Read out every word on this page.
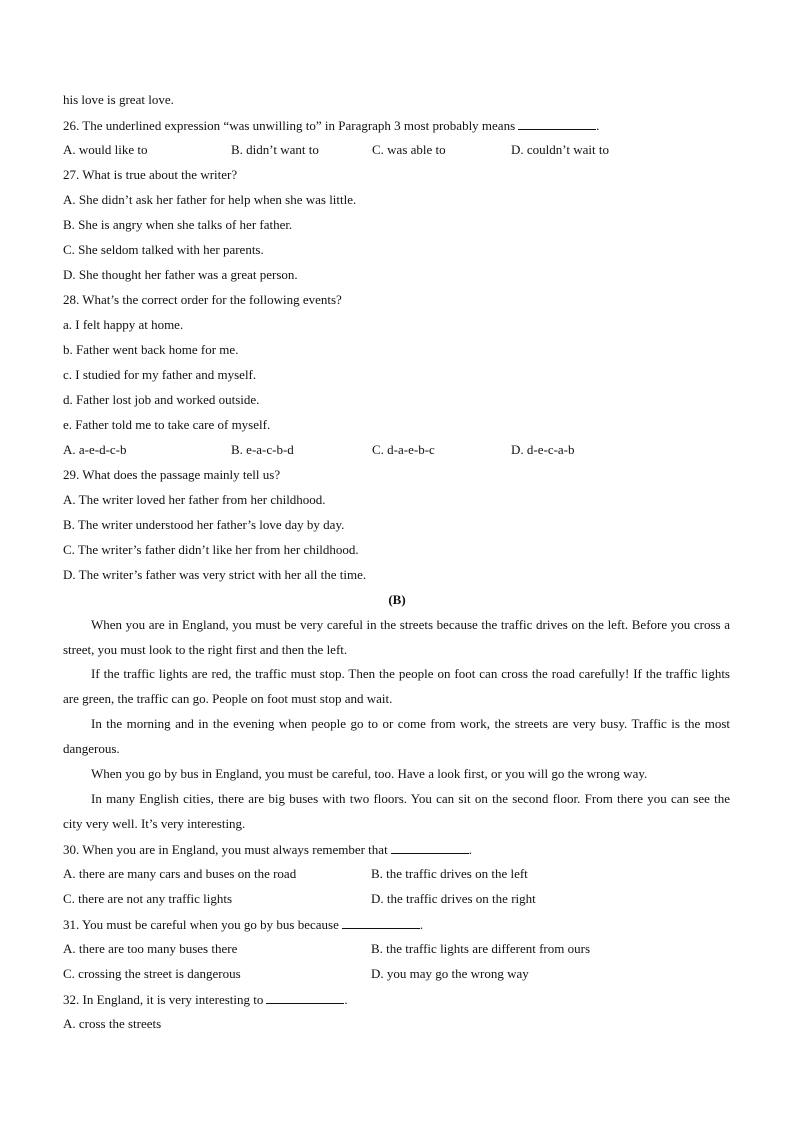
his love is great love.
26. The underlined expression “was unwilling to” in Paragraph 3 most probably means	.
A. would like to	B. didn’t want to	C. was able to	D. couldn’t wait to
27. What is true about the writer?
A. She didn’t ask her father for help when she was little.
B. She is angry when she talks of her father.
C. She seldom talked with her parents.
D. She thought her father was a great person.
28. What’s the correct order for the following events?
a. I felt happy at home.
b. Father went back home for me.
c. I studied for my father and myself.
d. Father lost job and worked outside.
e. Father told me to take care of myself.
A. a-e-d-c-b	B. e-a-c-b-d	C. d-a-e-b-c	D. d-e-c-a-b
29. What does the passage mainly tell us?
A. The writer loved her father from her childhood.
B. The writer understood her father’s love day by day.
C. The writer’s father didn’t like her from her childhood.
D. The writer’s father was very strict with her all the time.
(B)
When you are in England, you must be very careful in the streets because the traffic drives on the left. Before you cross a street, you must look to the right first and then the left.
If the traffic lights are red, the traffic must stop. Then the people on foot can cross the road carefully! If the traffic lights are green, the traffic can go. People on foot must stop and wait.
In the morning and in the evening when people go to or come from work, the streets are very busy. Traffic is the most dangerous.
When you go by bus in England, you must be careful, too. Have a look first, or you will go the wrong way.
In many English cities, there are big buses with two floors. You can sit on the second floor. From there you can see the city very well. It’s very interesting.
30. When you are in England, you must always remember that	.
A. there are many cars and buses on the road	B. the traffic drives on the left
C. there are not any traffic lights	D. the traffic drives on the right
31. You must be careful when you go by bus because	.
A. there are too many buses there	B. the traffic lights are different from ours
C. crossing the street is dangerous	D. you may go the wrong way
32. In England, it is very interesting to	.
A. cross the streets
